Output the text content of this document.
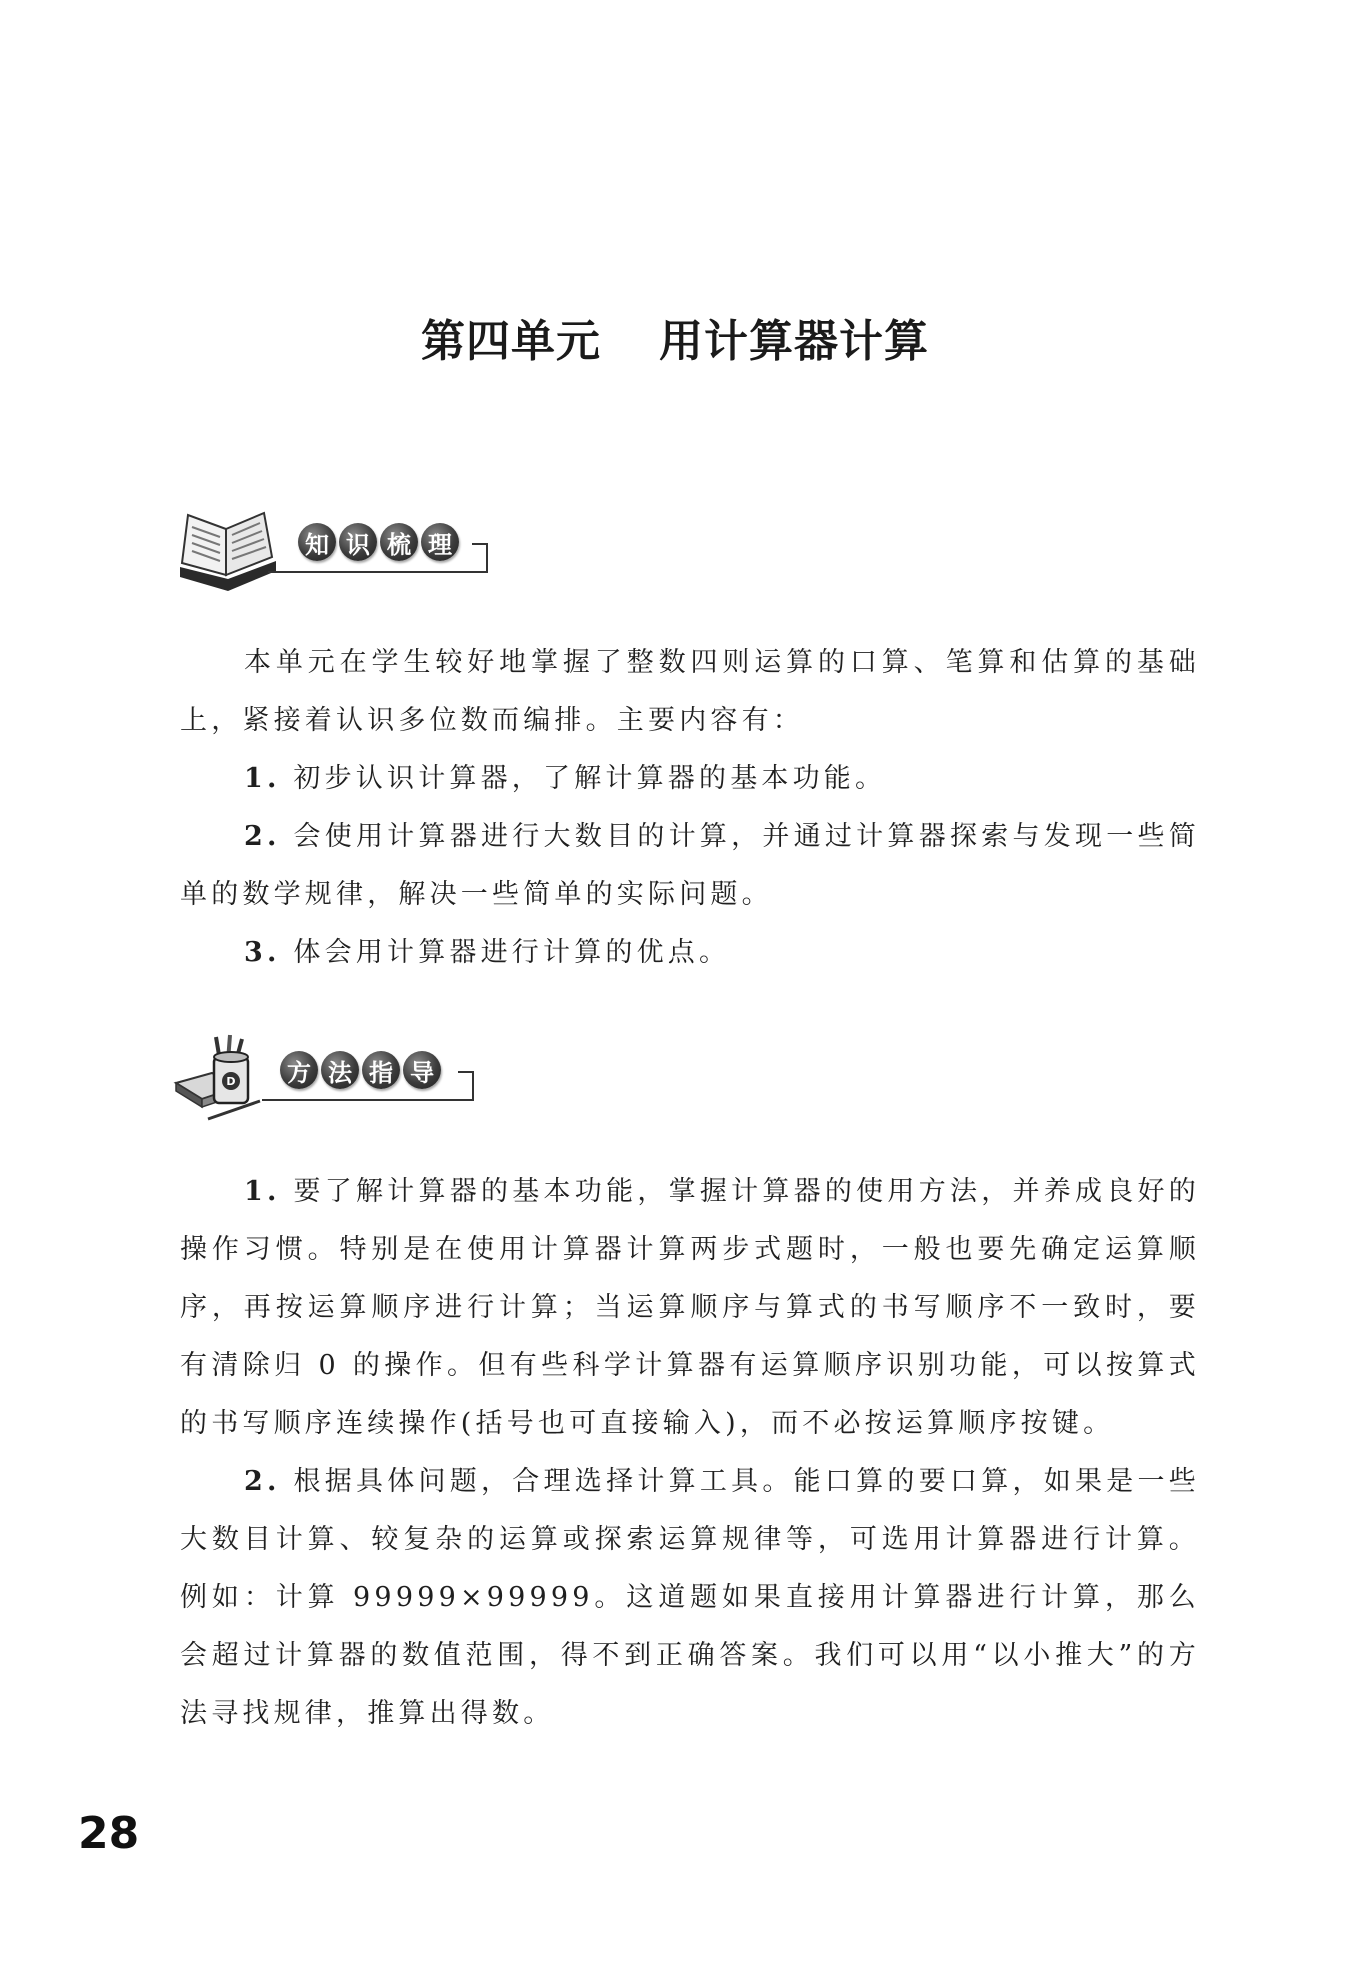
第四单元 用计算器计算
知 识 梳 理

本单元在学生较好地掌握了整数四则运算的口算、笔算和估算的基础上，紧接着认识多位数而编排。主要内容有：

1. 初步认识计算器，了解计算器的基本功能。

2. 会使用计算器进行大数目的计算，并通过计算器探索与发现一些简单的数学规律，解决一些简单的实际问题。

3. 体会用计算器进行计算的优点。

D 方 法 指 导

1. 要了解计算器的基本功能，掌握计算器的使用方法，并养成良好的操作习惯。特别是在使用计算器计算两步式题时，一般也要先确定运算顺序，再按运算顺序进行计算；当运算顺序与算式的书写顺序不一致时，要有清除归 0 的操作。但有些科学计算器有运算顺序识别功能，可以按算式的书写顺序连续操作(括号也可直接输入)，而不必按运算顺序按键。

2. 根据具体问题，合理选择计算工具。能口算的要口算，如果是一些大数目计算、较复杂的运算或探索运算规律等，可选用计算器进行计算。例如：计算 99999×99999。这道题如果直接用计算器进行计算，那么会超过计算器的数值范围，得不到正确答案。我们可以用“以小推大”的方法寻找规律，推算出得数。

28
